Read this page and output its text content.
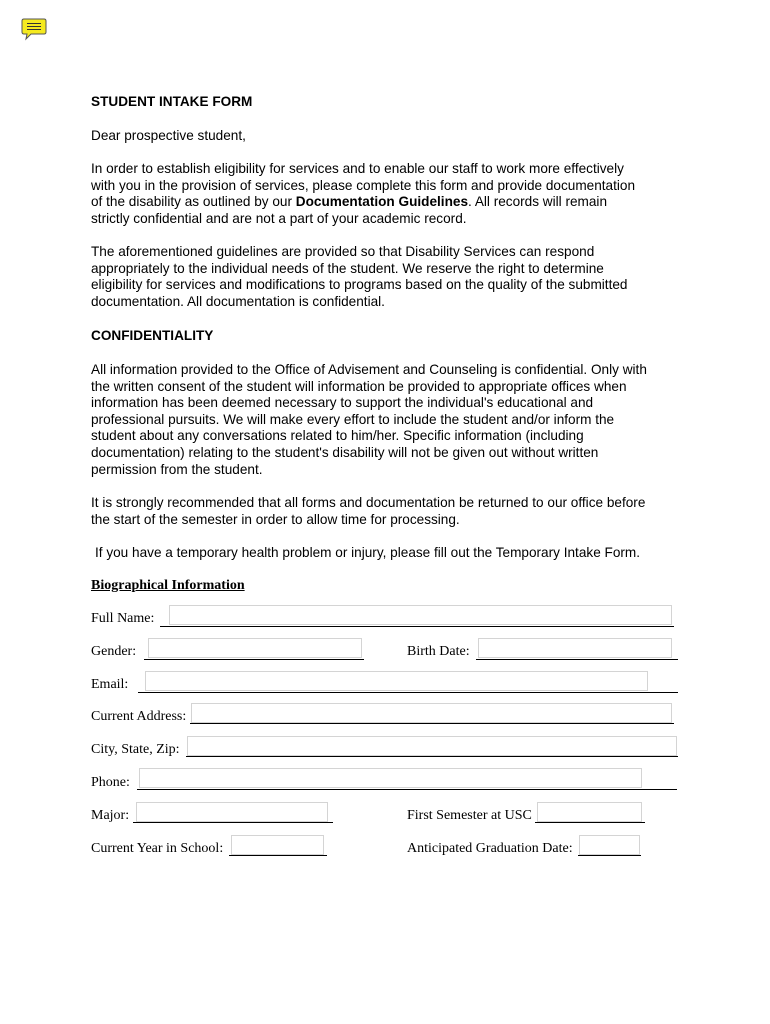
STUDENT INTAKE FORM
Dear prospective student,
In order to establish eligibility for services and to enable our staff to work more effectively
with you in the provision of services, please complete this form and provide documentation
of the disability as outlined by our Documentation Guidelines. All records will remain
strictly confidential and are not a part of your academic record.
The aforementioned guidelines are provided so that Disability Services can respond
appropriately to the individual needs of the student. We reserve the right to determine
eligibility for services and modifications to programs based on the quality of the submitted
documentation. All documentation is confidential.
CONFIDENTIALITY
All information provided to the Office of Advisement and Counseling is confidential. Only with
the written consent of the student will information be provided to appropriate offices when
information has been deemed necessary to support the individual's educational and
professional pursuits. We will make every effort to include the student and/or inform the
student about any conversations related to him/her. Specific information (including
documentation) relating to the student's disability will not be given out without written
permission from the student.
It is strongly recommended that all forms and documentation be returned to our office before
the start of the semester in order to allow time for processing.
If you have a temporary health problem or injury, please fill out the Temporary Intake Form.
Biographical Information
Full Name:
Gender:	Birth Date:
Email:
Current Address:
City, State, Zip:
Phone:
Major:	First Semester at USC
Current Year in School:	Anticipated Graduation Date:
